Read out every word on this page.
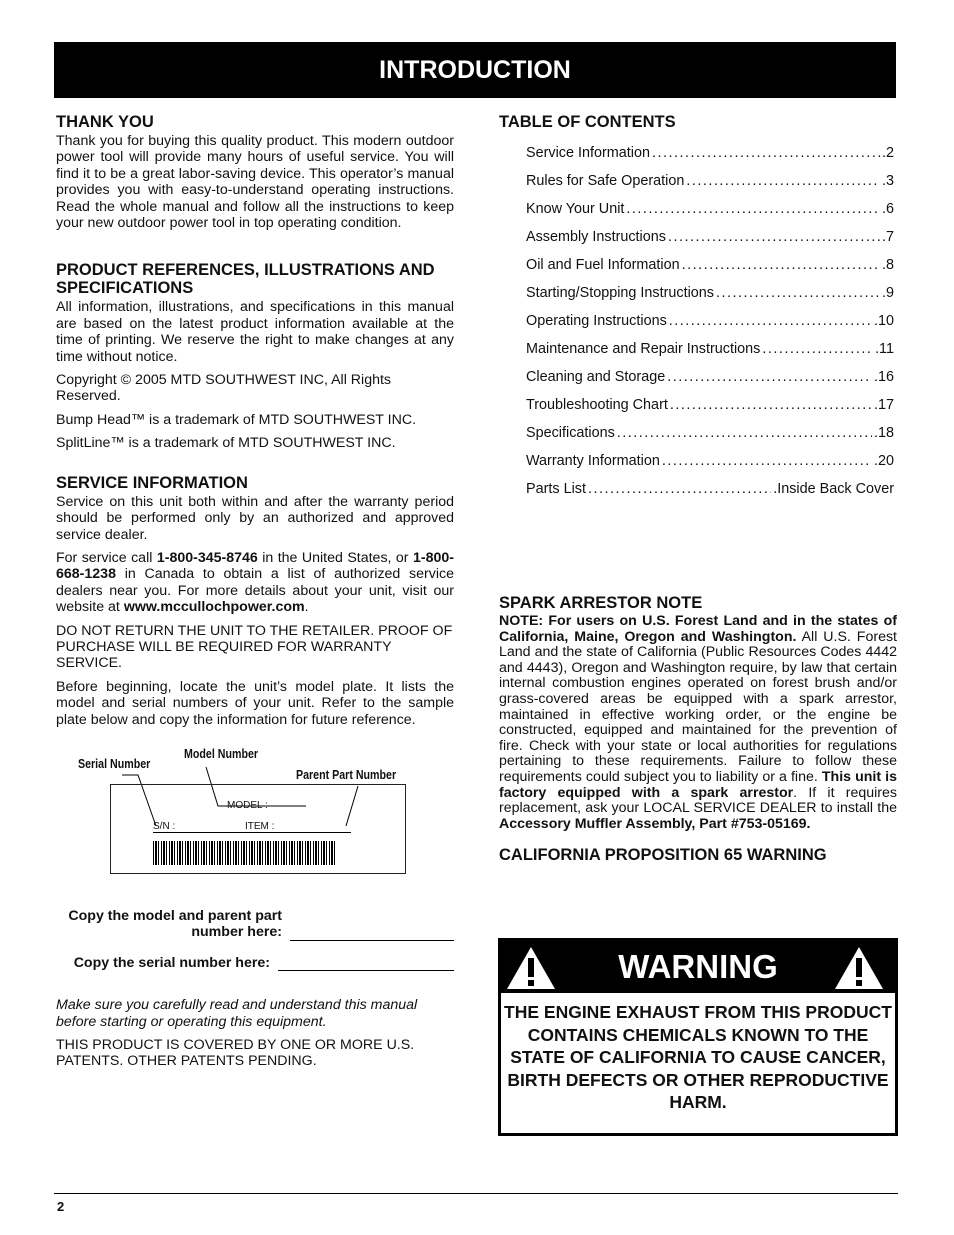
INTRODUCTION
THANK YOU

Thank you for buying this quality product. This modern outdoor power tool will provide many hours of useful service. You will find it to be a great labor-saving device. This operator’s manual provides you with easy-to-understand operating instructions. Read the whole manual and follow all the instructions to keep your new outdoor power tool in top operating condition.

PRODUCT REFERENCES, ILLUSTRATIONS AND SPECIFICATIONS

All information, illustrations, and specifications in this manual are based on the latest product information available at the time of printing. We reserve the right to make changes at any time without notice.

Copyright © 2005 MTD SOUTHWEST INC, All Rights Reserved.

Bump Head™ is a trademark of MTD SOUTHWEST INC.

SplitLine™ is a trademark of MTD SOUTHWEST INC.

SERVICE INFORMATION

Service on this unit both within and after the warranty period should be performed only by an authorized and approved service dealer.

For service call 1-800-345-8746 in the United States, or 1-800-668-1238 in Canada to obtain a list of authorized service dealers near you. For more details about your unit, visit our website at www.mccullochpower.com.

DO NOT RETURN THE UNIT TO THE RETAILER. PROOF OF PURCHASE WILL BE REQUIRED FOR WARRANTY SERVICE.

Before beginning, locate the unit’s model plate. It lists the model and serial numbers of your unit. Refer to the sample plate below and copy the information for future reference.

Serial Number
Model Number
Parent Part Number
MODEL :
S/N :	ITEM :
Copy the model and parent part number here:
Copy the serial number here:

Make sure you carefully read and understand this manual before starting or operating this equipment.

THIS PRODUCT IS COVERED BY ONE OR MORE U.S. PATENTS. OTHER PATENTS PENDING.

TABLE OF CONTENTS
Service Information .....	.2
Rules for Safe Operation .....	.3
Know Your Unit .....	.6
Assembly Instructions .....	.7
Oil and Fuel Information .....	.8
Starting/Stopping Instructions .....	.9
Operating Instructions .....	.10
Maintenance and Repair Instructions .....	.11
Cleaning and Storage .....	.16
Troubleshooting Chart .....	.17
Specifications .....	.18
Warranty Information .....	.20
Parts List .....	.Inside Back Cover
SPARK ARRESTOR NOTE

NOTE: For users on U.S. Forest Land and in the states of California, Maine, Oregon and Washington. All U.S. Forest Land and the state of California (Public Resources Codes 4442 and 4443), Oregon and Washington require, by law that certain internal combustion engines operated on forest brush and/or grass-covered areas be equipped with a spark arrestor, maintained in effective working order, or the engine be constructed, equipped and maintained for the prevention of fire. Check with your state or local authorities for regulations pertaining to these requirements. Failure to follow these requirements could subject you to liability or a fine. This unit is factory equipped with a spark arrestor. If it requires replacement, ask your LOCAL SERVICE DEALER to install the Accessory Muffler Assembly, Part #753-05169.

CALIFORNIA PROPOSITION 65 WARNING
WARNING
THE ENGINE EXHAUST FROM THIS PRODUCT CONTAINS CHEMICALS KNOWN TO THE STATE OF CALIFORNIA TO CAUSE CANCER, BIRTH DEFECTS OR OTHER REPRODUCTIVE HARM.
2
